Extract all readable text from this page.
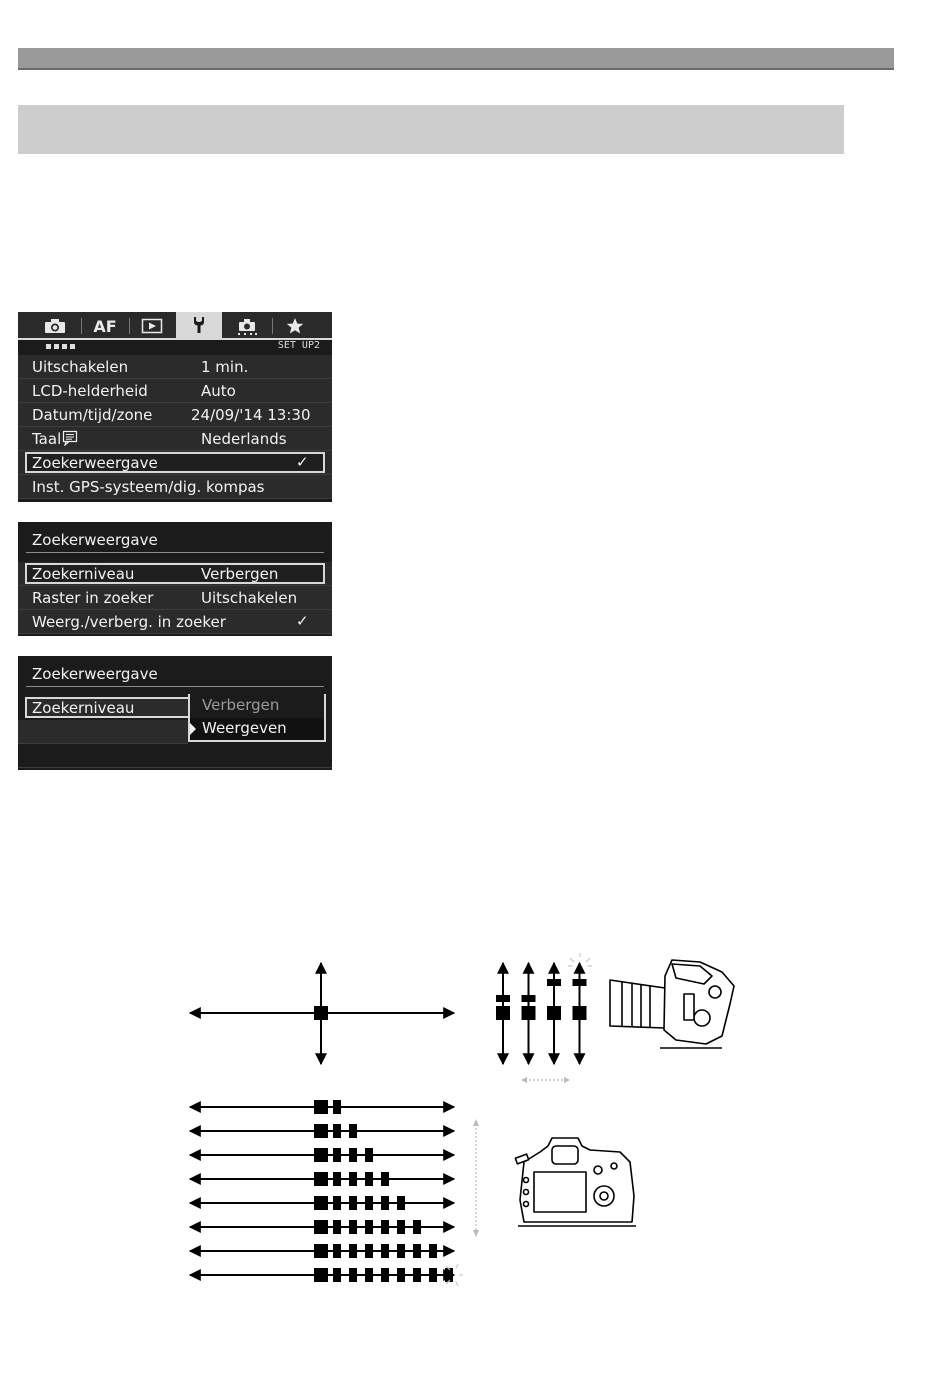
AF
SET UP2
Uitschakelen	1 min.
LCD-helderheid	Auto
Datum/tijd/zone	24/09/'14 13:30
Taal	Nederlands
Zoekerweergave	✓
Inst. GPS-systeem/dig. kompas
Zoekerweergave
Zoekerniveau	Verbergen
Raster in zoeker	Uitschakelen
Weerg./verberg. in zoeker	✓
Zoekerweergave
Zoekerniveau	Verbergen
Weergeven
